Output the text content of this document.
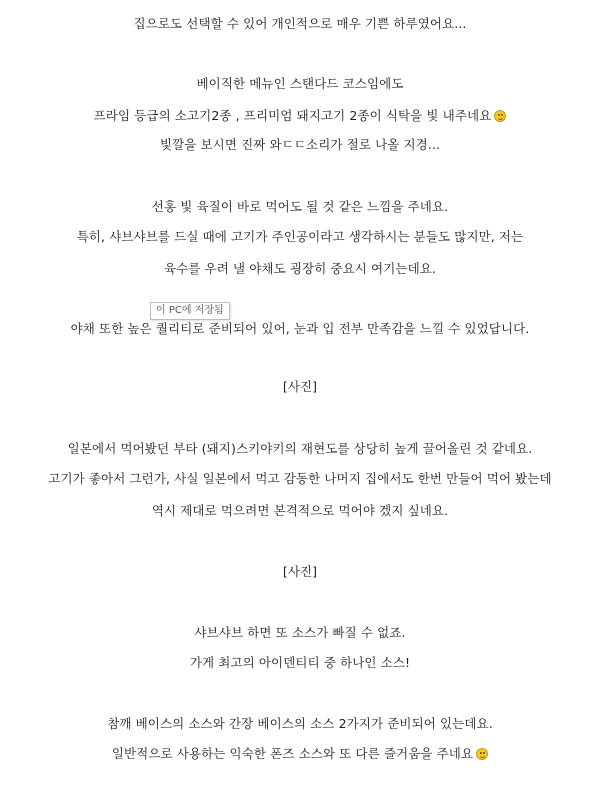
집으로도 선택할 수 있어 개인적으로 매우 기쁜 하루였어요...
베이직한 메뉴인 스탠다드 코스임에도
프라임 등급의 소고기2종 , 프리미엄 돼지고기 2종이 식탁을 빛 내주네요
빛깔을 보시면 진짜 와ㄷㄷ소리가 절로 나올 지경...
선홍 빛 육질이 바로 먹어도 될 것 같은 느낌을 주네요.
특히, 샤브샤브를 드실 때에 고기가 주인공이라고 생각하시는 분들도 많지만, 저는
육수를 우려 낼 야채도 굉장히 중요시 여기는데요.
이 PC에 저장됨
야채 또한 높은 퀄리티로 준비되어 있어, 눈과 입 전부 만족감을 느낄 수 있었답니다.
[사진]
일본에서 먹어봤던 부타 (돼지)스키야키의 재현도를 상당히 높게 끌어올린 것 같네요.
고기가 좋아서 그런가, 사실 일본에서 먹고 감동한 나머지 집에서도 한번 만들어 먹어 봤는데
역시 제대로 먹으려면 본격적으로 먹어야 겠지 싶네요.
[사진]
샤브샤브 하면 또 소스가 빠질 수 없죠.
가게 최고의 아이덴티티 중 하나인 소스!
참깨 베이스의 소스와 간장 베이스의 소스 2가지가 준비되어 있는데요.
일반적으로 사용하는 익숙한 폰즈 소스와 또 다른 즐거움을 주네요
